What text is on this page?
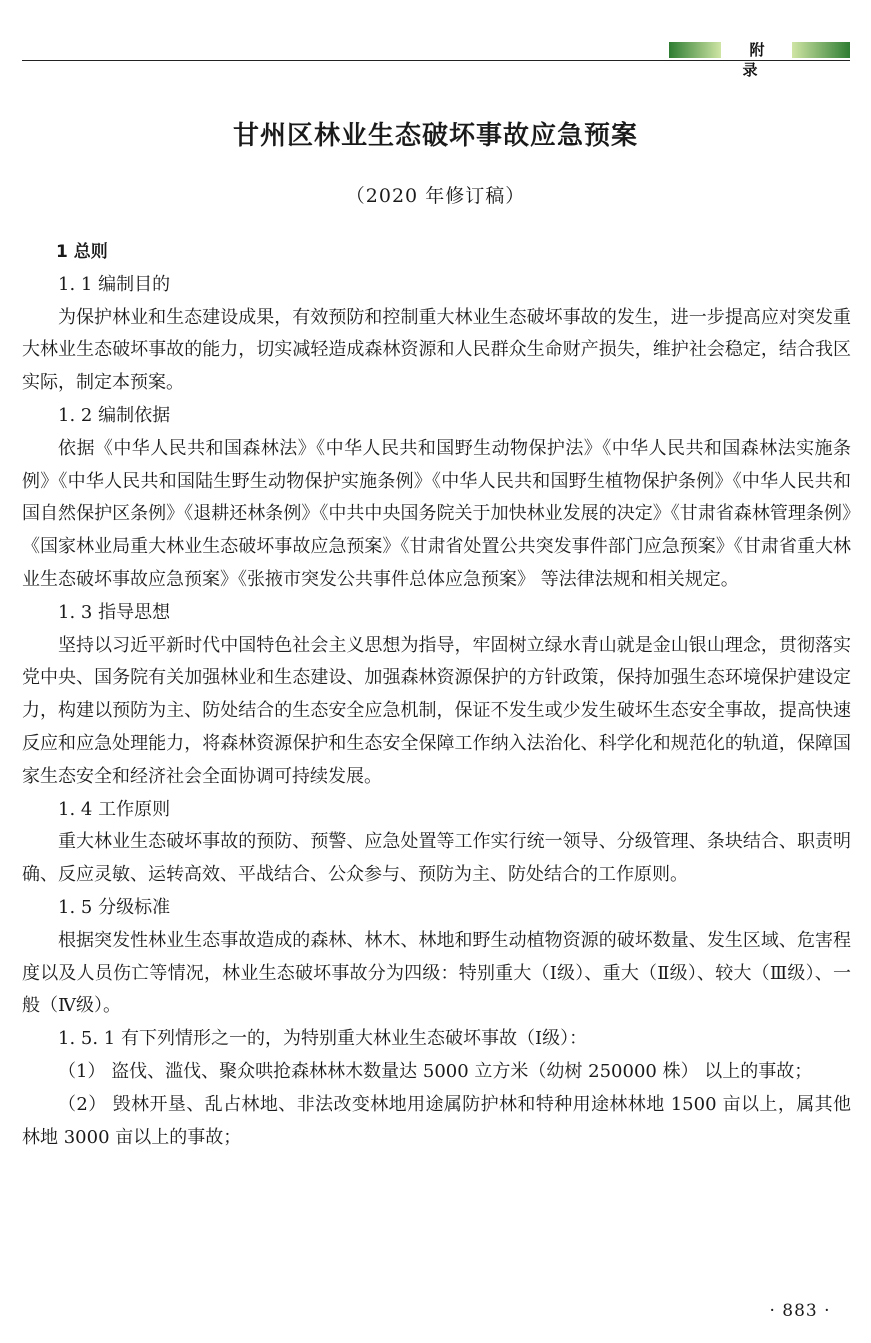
附录
甘州区林业生态破坏事故应急预案
（2020 年修订稿）

1 总则

1. 1 编制目的

为保护林业和生态建设成果，有效预防和控制重大林业生态破坏事故的发生，进一步提高应对突发重大林业生态破坏事故的能力，切实减轻造成森林资源和人民群众生命财产损失，维护社会稳定，结合我区实际，制定本预案。

1. 2 编制依据

依据《中华人民共和国森林法》《中华人民共和国野生动物保护法》《中华人民共和国森林法实施条例》《中华人民共和国陆生野生动物保护实施条例》《中华人民共和国野生植物保护条例》《中华人民共和国自然保护区条例》《退耕还林条例》《中共中央国务院关于加快林业发展的决定》《甘肃省森林管理条例》《国家林业局重大林业生态破坏事故应急预案》《甘肃省处置公共突发事件部门应急预案》《甘肃省重大林业生态破坏事故应急预案》《张掖市突发公共事件总体应急预案》 等法律法规和相关规定。

1. 3 指导思想

坚持以习近平新时代中国特色社会主义思想为指导，牢固树立绿水青山就是金山银山理念，贯彻落实党中央、国务院有关加强林业和生态建设、加强森林资源保护的方针政策，保持加强生态环境保护建设定力，构建以预防为主、防处结合的生态安全应急机制，保证不发生或少发生破坏生态安全事故，提高快速反应和应急处理能力，将森林资源保护和生态安全保障工作纳入法治化、科学化和规范化的轨道，保障国家生态安全和经济社会全面协调可持续发展。

1. 4 工作原则

重大林业生态破坏事故的预防、预警、应急处置等工作实行统一领导、分级管理、条块结合、职责明确、反应灵敏、运转高效、平战结合、公众参与、预防为主、防处结合的工作原则。

1. 5 分级标准

根据突发性林业生态事故造成的森林、林木、林地和野生动植物资源的破坏数量、发生区域、危害程度以及人员伤亡等情况，林业生态破坏事故分为四级：特别重大（Ⅰ级）、重大（Ⅱ级）、较大（Ⅲ级）、一般（Ⅳ级）。

1. 5. 1 有下列情形之一的，为特别重大林业生态破坏事故（Ⅰ级）：

（1） 盗伐、滥伐、聚众哄抢森林林木数量达 5000 立方米（幼树 250000 株） 以上的事故；

（2） 毁林开垦、乱占林地、非法改变林地用途属防护林和特种用途林林地 1500 亩以上，属其他林地 3000 亩以上的事故；

· 883 ·
